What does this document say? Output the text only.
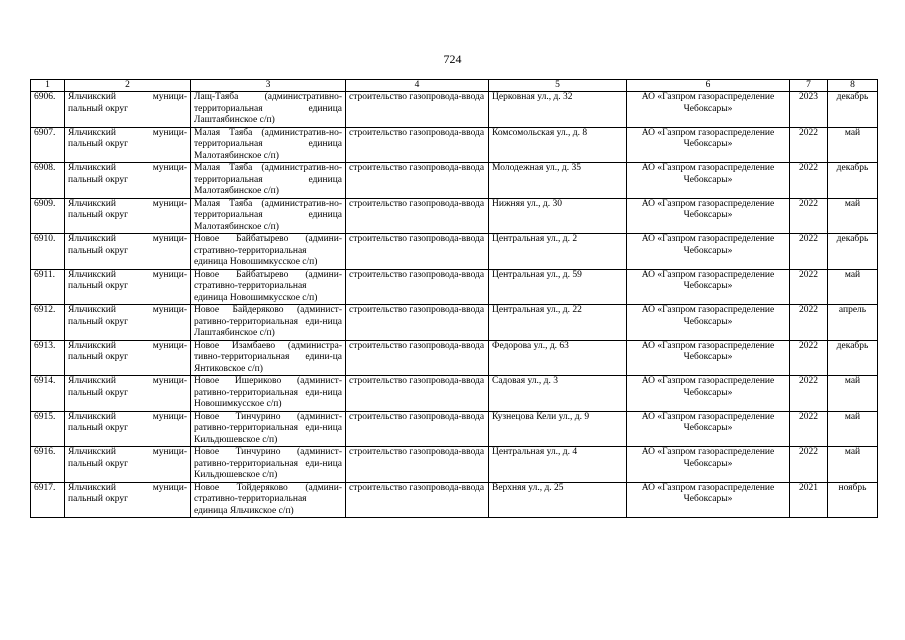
724
1	2	3	4	5	6	7	8
6906.	Яльчикский муници-пальный округ	Лащ-Таяба (административно-территориальная единица Лаштаябинское с/п)	строительство газопровода-ввода	Церковная ул., д. 32	АО «Газпром газораспределение Чебоксары»	2023	декабрь
6907.	Яльчикский муници-пальный округ	Малая Таяба (административ-но-территориальная единица Малотаябинское с/п)	строительство газопровода-ввода	Комсомольская ул., д. 8	АО «Газпром газораспределение Чебоксары»	2022	май
6908.	Яльчикский муници-пальный округ	Малая Таяба (административ-но-территориальная единица Малотаябинское с/п)	строительство газопровода-ввода	Молодежная ул., д. 35	АО «Газпром газораспределение Чебоксары»	2022	декабрь
6909.	Яльчикский муници-пальный округ	Малая Таяба (административ-но-территориальная единица Малотаябинское с/п)	строительство газопровода-ввода	Нижняя ул., д. 30	АО «Газпром газораспределение Чебоксары»	2022	май
6910.	Яльчикский муници-пальный округ	Новое Байбатырево (админи-стративно-территориальная единица Новошимкусское с/п)	строительство газопровода-ввода	Центральная ул., д. 2	АО «Газпром газораспределение Чебоксары»	2022	декабрь
6911.	Яльчикский муници-пальный округ	Новое Байбатырево (админи-стративно-территориальная единица Новошимкусское с/п)	строительство газопровода-ввода	Центральная ул., д. 59	АО «Газпром газораспределение Чебоксары»	2022	май
6912.	Яльчикский муници-пальный округ	Новое Байдеряково (админист-ративно-территориальная еди-ница Лаштаябинское с/п)	строительство газопровода-ввода	Центральная ул., д. 22	АО «Газпром газораспределение Чебоксары»	2022	апрель
6913.	Яльчикский муници-пальный округ	Новое Изамбаево (администра-тивно-территориальная едини-ца Янтиковское с/п)	строительство газопровода-ввода	Федорова ул., д. 63	АО «Газпром газораспределение Чебоксары»	2022	декабрь
6914.	Яльчикский муници-пальный округ	Новое Ишериково (админист-ративно-территориальная еди-ница Новошимкусское с/п)	строительство газопровода-ввода	Садовая ул., д. 3	АО «Газпром газораспределение Чебоксары»	2022	май
6915.	Яльчикский муници-пальный округ	Новое Тинчурино (админист-ративно-территориальная еди-ница Кильдюшевское с/п)	строительство газопровода-ввода	Кузнецова Кели ул., д. 9	АО «Газпром газораспределение Чебоксары»	2022	май
6916.	Яльчикский муници-пальный округ	Новое Тинчурино (админист-ративно-территориальная еди-ница Кильдюшевское с/п)	строительство газопровода-ввода	Центральная ул., д. 4	АО «Газпром газораспределение Чебоксары»	2022	май
6917.	Яльчикский муници-пальный округ	Новое Тойдеряково (админи-стративно-территориальная единица Яльчикское с/п)	строительство газопровода-ввода	Верхняя ул., д. 25	АО «Газпром газораспределение Чебоксары»	2021	ноябрь
